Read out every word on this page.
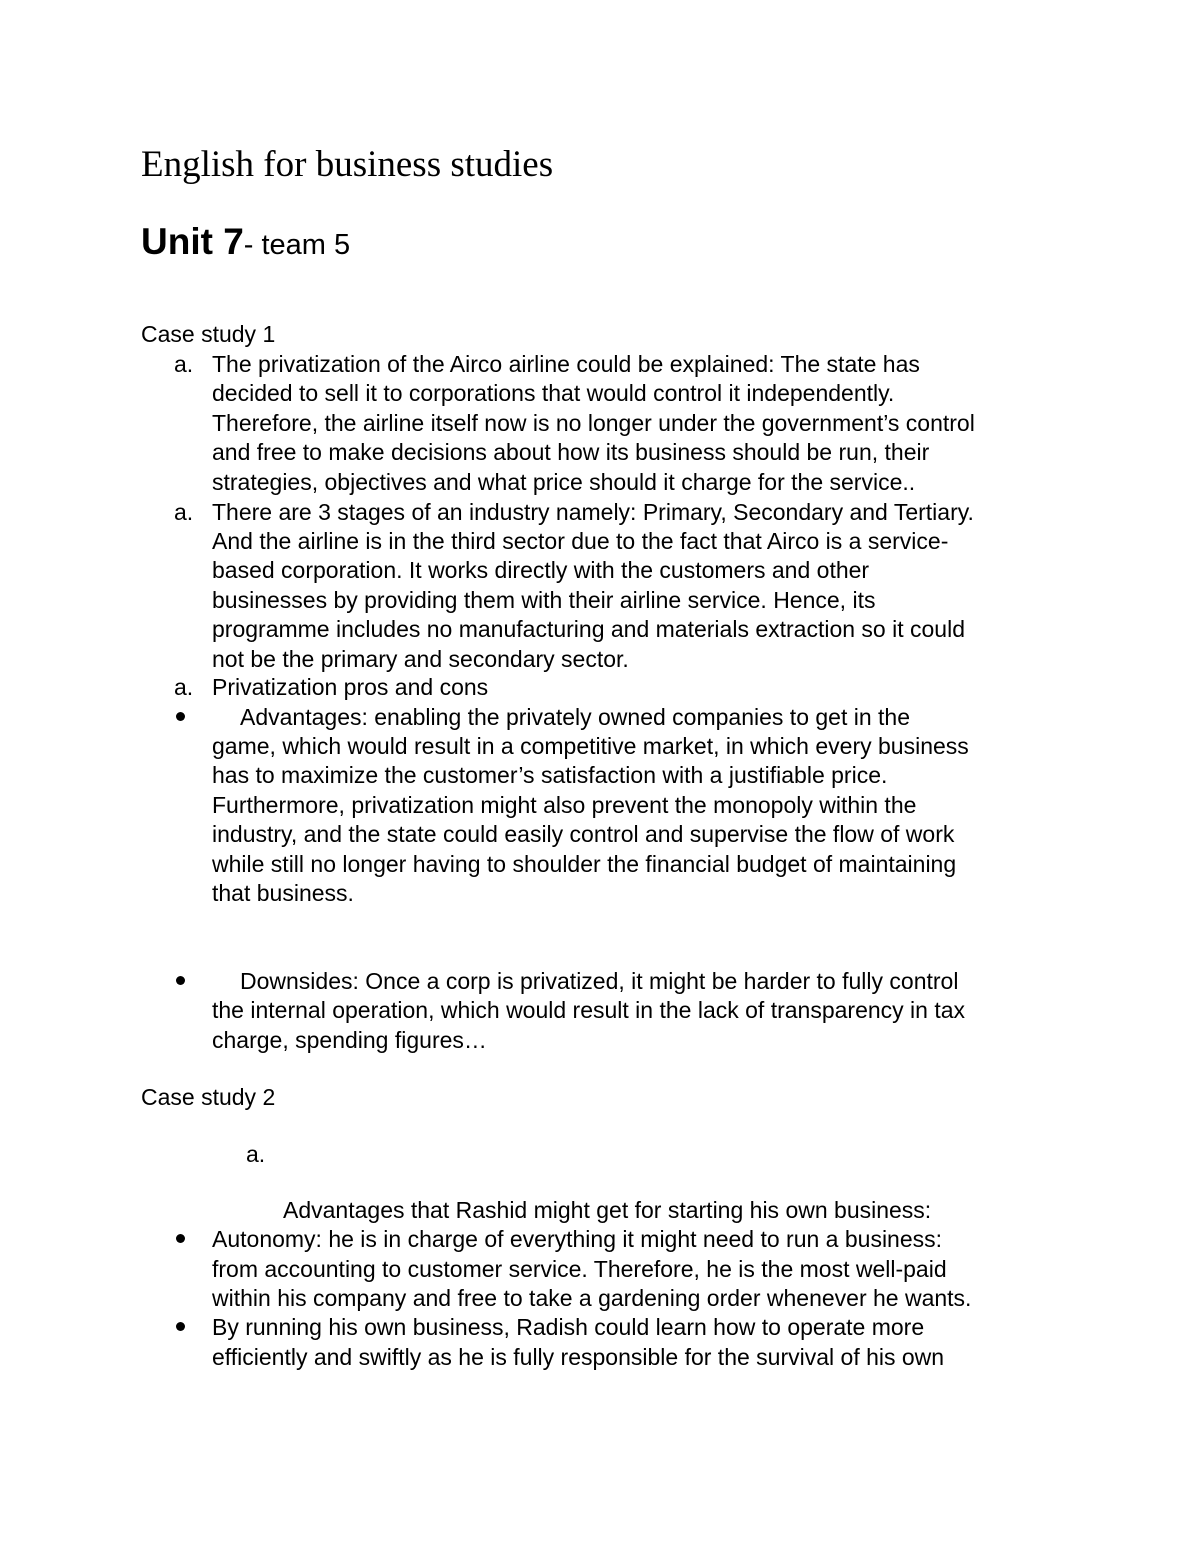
English for business studies
Unit 7- team 5
Case study 1
a. The privatization of the Airco airline could be explained: The state has
decided to sell it to corporations that would control it independently.
Therefore, the airline itself now is no longer under the government’s control
and free to make decisions about how its business should be run, their
strategies, objectives and what price should it charge for the service..
a. There are 3 stages of an industry namely: Primary, Secondary and Tertiary.
And the airline is in the third sector due to the fact that Airco is a service-
based corporation. It works directly with the customers and other
businesses by providing them with their airline service. Hence, its
programme includes no manufacturing and materials extraction so it could
not be the primary and secondary sector.
a. Privatization pros and cons
Advantages: enabling the privately owned companies to get in the
game, which would result in a competitive market, in which every business
has to maximize the customer’s satisfaction with a justifiable price.
Furthermore, privatization might also prevent the monopoly within the
industry, and the state could easily control and supervise the flow of work
while still no longer having to shoulder the financial budget of maintaining
that business.
Downsides: Once a corp is privatized, it might be harder to fully control
the internal operation, which would result in the lack of transparency in tax
charge, spending figures…
Case study 2
a.
Advantages that Rashid might get for starting his own business:
Autonomy: he is in charge of everything it might need to run a business:
from accounting to customer service. Therefore, he is the most well-paid
within his company and free to take a gardening order whenever he wants.
By running his own business, Radish could learn how to operate more
efficiently and swiftly as he is fully responsible for the survival of his own
